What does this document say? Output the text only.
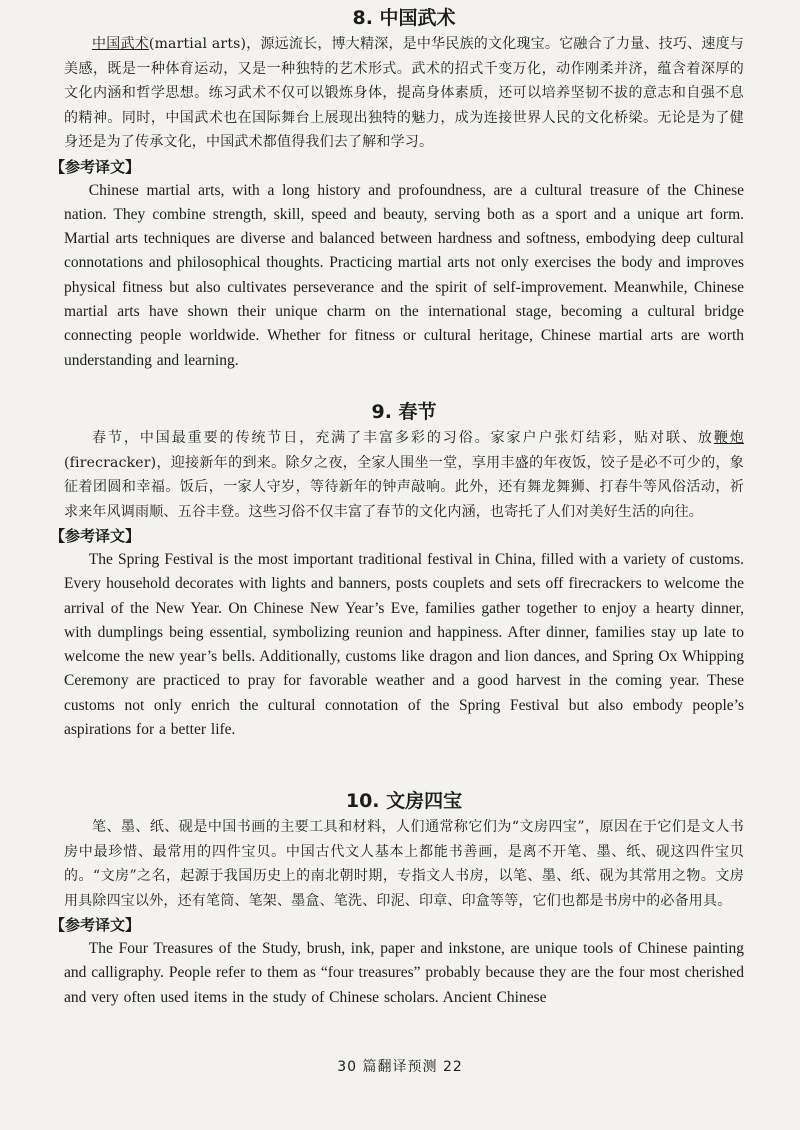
8. 中国武术

中国武术(martial arts)，源远流长，博大精深，是中华民族的文化瑰宝。它融合了力量、技巧、速度与美感，既是一种体育运动，又是一种独特的艺术形式。武术的招式千变万化，动作刚柔并济，蕴含着深厚的文化内涵和哲学思想。练习武术不仅可以锻炼身体，提高身体素质，还可以培养坚韧不拔的意志和自强不息的精神。同时，中国武术也在国际舞台上展现出独特的魅力，成为连接世界人民的文化桥梁。无论是为了健身还是为了传承文化，中国武术都值得我们去了解和学习。

【参考译文】

Chinese martial arts, with a long history and profoundness, are a cultural treasure of the Chinese nation. They combine strength, skill, speed and beauty, serving both as a sport and a unique art form. Martial arts techniques are diverse and balanced between hardness and softness, embodying deep cultural connotations and philosophical thoughts. Practicing martial arts not only exercises the body and improves physical fitness but also cultivates perseverance and the spirit of self-improvement. Meanwhile, Chinese martial arts have shown their unique charm on the international stage, becoming a cultural bridge connecting people worldwide. Whether for fitness or cultural heritage, Chinese martial arts are worth understanding and learning.

9. 春节

春节，中国最重要的传统节日，充满了丰富多彩的习俗。家家户户张灯结彩，贴对联、放鞭炮(firecracker)，迎接新年的到来。除夕之夜，全家人围坐一堂，享用丰盛的年夜饭，饺子是必不可少的，象征着团圆和幸福。饭后，一家人守岁，等待新年的钟声敲响。此外，还有舞龙舞狮、打春牛等风俗活动，祈求来年风调雨顺、五谷丰登。这些习俗不仅丰富了春节的文化内涵，也寄托了人们对美好生活的向往。

【参考译文】

The Spring Festival is the most important traditional festival in China, filled with a variety of customs. Every household decorates with lights and banners, posts couplets and sets off firecrackers to welcome the arrival of the New Year. On Chinese New Year’s Eve, families gather together to enjoy a hearty dinner, with dumplings being essential, symbolizing reunion and happiness. After dinner, families stay up late to welcome the new year’s bells. Additionally, customs like dragon and lion dances, and Spring Ox Whipping Ceremony are practiced to pray for favorable weather and a good harvest in the coming year. These customs not only enrich the cultural connotation of the Spring Festival but also embody people’s aspirations for a better life.

10. 文房四宝

笔、墨、纸、砚是中国书画的主要工具和材料，人们通常称它们为“文房四宝”，原因在于它们是文人书房中最珍惜、最常用的四件宝贝。中国古代文人基本上都能书善画，是离不开笔、墨、纸、砚这四件宝贝的。“文房”之名，起源于我国历史上的南北朝时期，专指文人书房，以笔、墨、纸、砚为其常用之物。文房用具除四宝以外，还有笔筒、笔架、墨盒、笔洗、印泥、印章、印盒等等，它们也都是书房中的必备用具。

【参考译文】

The Four Treasures of the Study, brush, ink, paper and inkstone, are unique tools of Chinese painting and calligraphy. People refer to them as “four treasures” probably because they are the four most cherished and very often used items in the study of Chinese scholars. Ancient Chinese

30 篇翻译预测 22
